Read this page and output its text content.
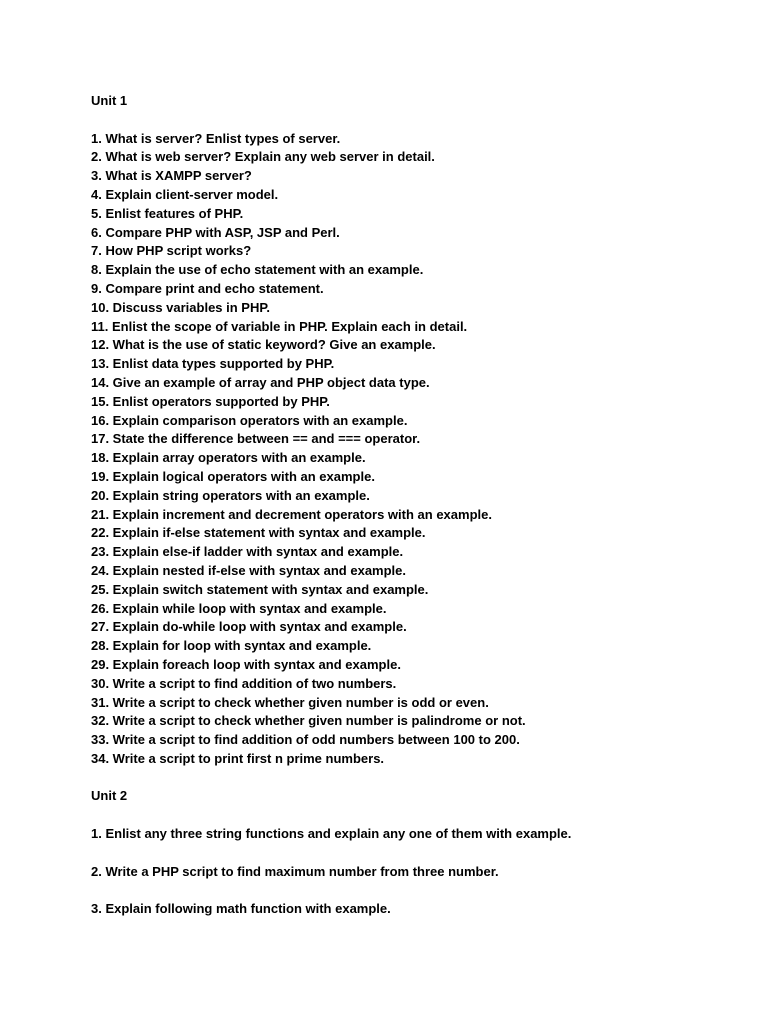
Unit 1
1. What is server? Enlist types of server.
2. What is web server? Explain any web server in detail.
3. What is XAMPP server?
4. Explain client-server model.
5. Enlist features of PHP.
6. Compare PHP with ASP, JSP and Perl.
7. How PHP script works?
8. Explain the use of echo statement with an example.
9. Compare print and echo statement.
10. Discuss variables in PHP.
11. Enlist the scope of variable in PHP. Explain each in detail.
12. What is the use of static keyword? Give an example.
13. Enlist data types supported by PHP.
14. Give an example of array and PHP object data type.
15. Enlist operators supported by PHP.
16. Explain comparison operators with an example.
17. State the difference between == and === operator.
18. Explain array operators with an example.
19. Explain logical operators with an example.
20. Explain string operators with an example.
21. Explain increment and decrement operators with an example.
22. Explain if-else statement with syntax and example.
23. Explain else-if ladder with syntax and example.
24. Explain nested if-else with syntax and example.
25. Explain switch statement with syntax and example.
26. Explain while loop with syntax and example.
27. Explain do-while loop with syntax and example.
28. Explain for loop with syntax and example.
29. Explain foreach loop with syntax and example.
30. Write a script to find addition of two numbers.
31. Write a script to check whether given number is odd or even.
32. Write a script to check whether given number is palindrome or not.
33. Write a script to find addition of odd numbers between 100 to 200.
34. Write a script to print first n prime numbers.
Unit 2
1. Enlist any three string functions and explain any one of them with example.
2. Write a PHP script to find maximum number from three number.
3. Explain following math function with example.
